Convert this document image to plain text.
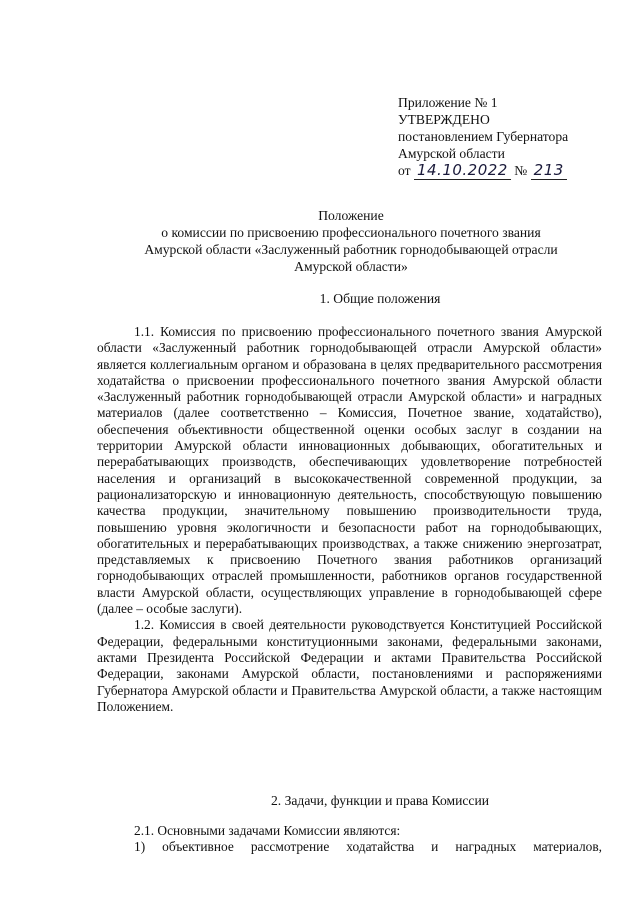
Приложение № 1
УТВЕРЖДЕНО
постановлением Губернатора
Амурской области
от 14.10.2022 № 213
Положение
о комиссии по присвоению профессионального почетного звания
Амурской области «Заслуженный работник горнодобывающей отрасли
Амурской области»
1. Общие положения

1.1. Комиссия по присвоению профессионального почетного звания Амурской области «Заслуженный работник горнодобывающей отрасли Амурской области» является коллегиальным органом и образована в целях предварительного рассмотрения ходатайства о присвоении профессионального почетного звания Амурской области «Заслуженный работник горнодобывающей отрасли Амурской области» и наградных материалов (далее соответственно – Комиссия, Почетное звание, ходатайство), обеспечения объективности общественной оценки особых заслуг в создании на территории Амурской области инновационных добывающих, обогатительных и перерабатывающих производств, обеспечивающих удовлетворение потребностей населения и организаций в высококачественной современной продукции, за рационализаторскую и инновационную деятельность, способствующую повышению качества продукции, значительному повышению производительности труда, повышению уровня экологичности и безопасности работ на горнодобывающих, обогатительных и перерабатывающих производствах, а также снижению энергозатрат, представляемых к присвоению Почетного звания работников организаций горнодобывающих отраслей промышленности, работников органов государственной власти Амурской области, осуществляющих управление в горнодобывающей сфере (далее – особые заслуги).

1.2. Комиссия в своей деятельности руководствуется Конституцией Российской Федерации, федеральными конституционными законами, федеральными законами, актами Президента Российской Федерации и актами Правительства Российской Федерации, законами Амурской области, постановлениями и распоряжениями Губернатора Амурской области и Правительства Амурской области, а также настоящим Положением.

2. Задачи, функции и права Комиссии

2.1. Основными задачами Комиссии являются:

1) объективное рассмотрение ходатайства и наградных материалов,
